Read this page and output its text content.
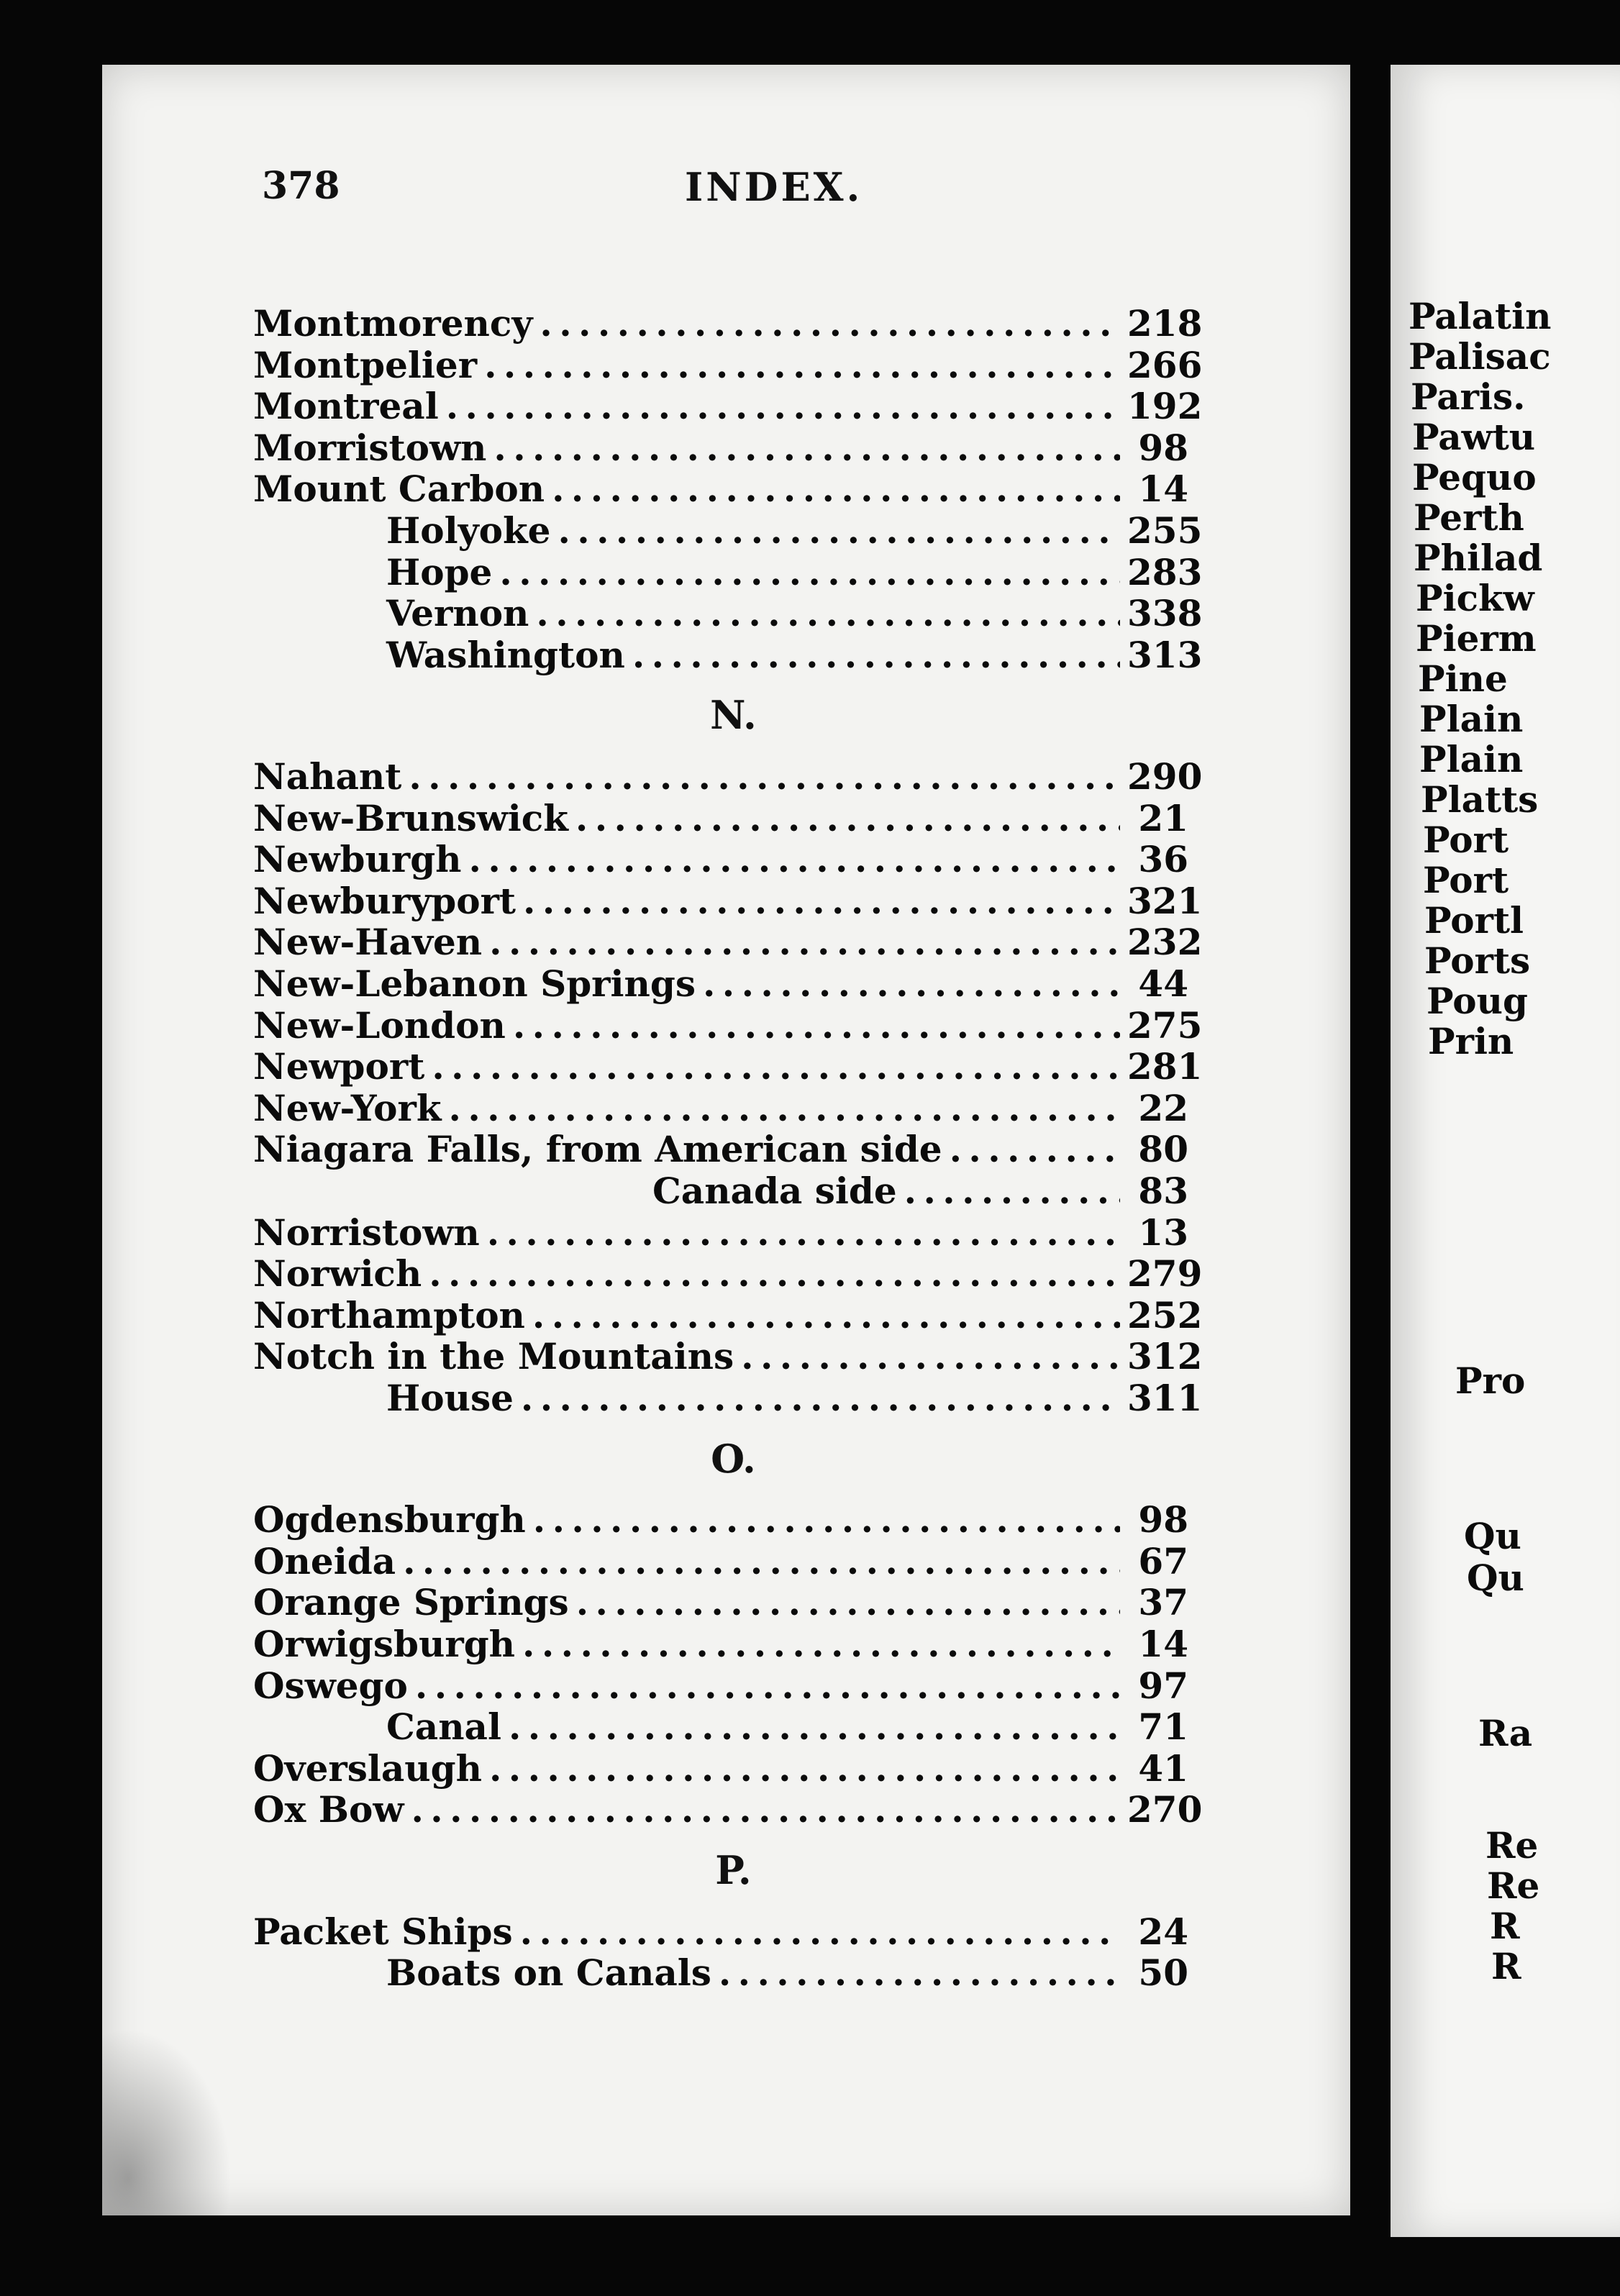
378	INDEX.
Montmorency . . .	218
Montpelier . . .	266
Montreal . . .	192
Morristown . . .	98
Mount Carbon . . .	14
Holyoke . . .	255
Hope . . .	283
Vernon . . .	338
Washington . . .	313
N.
Nahant . . .	290
New-Brunswick . . .	21
Newburgh . . .	36
Newburyport . . .	321
New-Haven . . .	232
New-Lebanon Springs . . .	44
New-London . . .	275
Newport . . .	281
New-York . . .	22
Niagara Falls, from American side . . .	80
Canada side . . .	83
Norristown . . .	13
Norwich . . .	279
Northampton . . .	252
Notch in the Mountains . . .	312
House . . .	311
O.
Ogdensburgh . . .	98
Oneida . . .	67
Orange Springs . . .	37
Orwigsburgh . . .	14
Oswego . . .	97
Canal . . .	71
Overslaugh . . .	41
Ox Bow . . .	270
P.
Packet Ships . . .	24
Boats on Canals . . .	50
Palatin
Palisac
Paris.
Pawtu
Pequo
Perth
Philad
Pickw
Pierm
Pine
Plain
Plain
Platts
Port
Port
Portl
Ports
Poug
Prin
Pro
Qu
Qu
Ra
Re
Re
R
R
